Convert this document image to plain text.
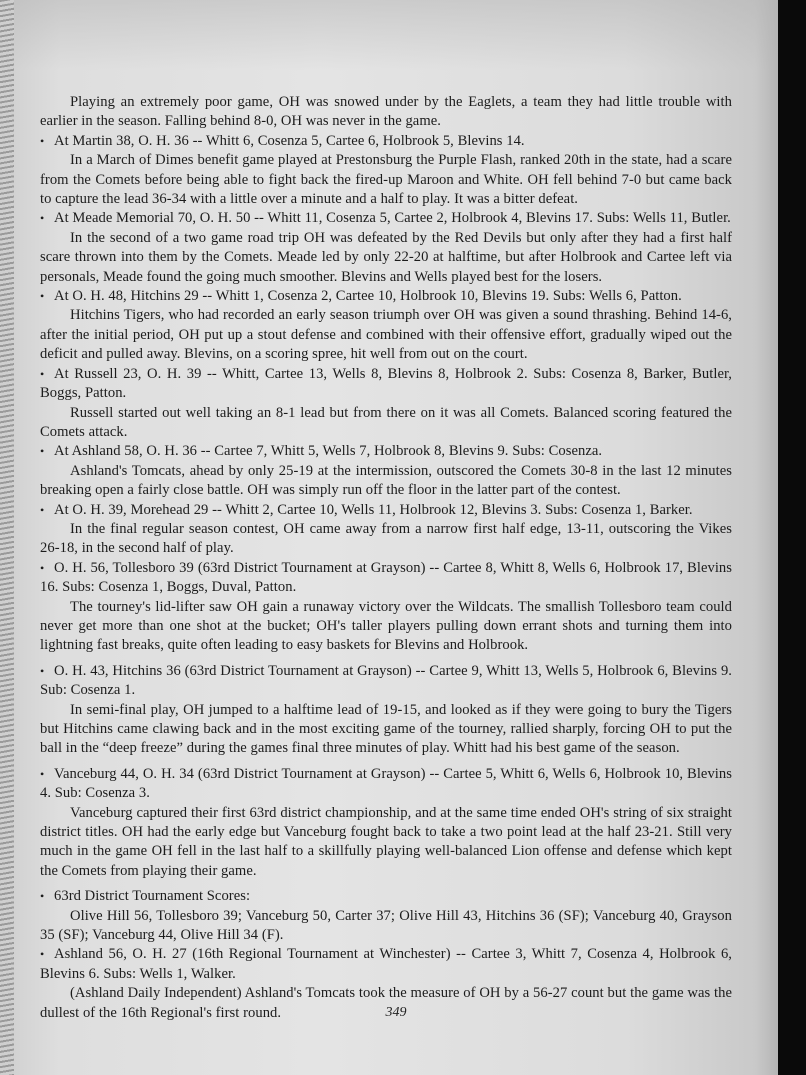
Playing an extremely poor game, OH was snowed under by the Eaglets, a team they had little trouble with earlier in the season. Falling behind 8-0, OH was never in the game.

• At Martin 38, O. H. 36 -- Whitt 6, Cosenza 5, Cartee 6, Holbrook 5, Blevins 14.

In a March of Dimes benefit game played at Prestonsburg the Purple Flash, ranked 20th in the state, had a scare from the Comets before being able to fight back the fired-up Maroon and White. OH fell behind 7-0 but came back to capture the lead 36-34 with a little over a minute and a half to play. It was a bitter defeat.

• At Meade Memorial 70, O. H. 50 -- Whitt 11, Cosenza 5, Cartee 2, Holbrook 4, Blevins 17. Subs: Wells 11, Butler.

In the second of a two game road trip OH was defeated by the Red Devils but only after they had a first half scare thrown into them by the Comets. Meade led by only 22-20 at halftime, but after Holbrook and Cartee left via personals, Meade found the going much smoother. Blevins and Wells played best for the losers.

• At O. H. 48, Hitchins 29 -- Whitt 1, Cosenza 2, Cartee 10, Holbrook 10, Blevins 19. Subs: Wells 6, Patton.

Hitchins Tigers, who had recorded an early season triumph over OH was given a sound thrashing. Behind 14-6, after the initial period, OH put up a stout defense and combined with their offensive effort, gradually wiped out the deficit and pulled away. Blevins, on a scoring spree, hit well from out on the court.

• At Russell 23, O. H. 39 -- Whitt, Cartee 13, Wells 8, Blevins 8, Holbrook 2. Subs: Cosenza 8, Barker, Butler, Boggs, Patton.

Russell started out well taking an 8-1 lead but from there on it was all Comets. Balanced scoring featured the Comets attack.

• At Ashland 58, O. H. 36 -- Cartee 7, Whitt 5, Wells 7, Holbrook 8, Blevins 9. Subs: Cosenza.

Ashland's Tomcats, ahead by only 25-19 at the intermission, outscored the Comets 30-8 in the last 12 minutes breaking open a fairly close battle. OH was simply run off the floor in the latter part of the contest.

• At O. H. 39, Morehead 29 -- Whitt 2, Cartee 10, Wells 11, Holbrook 12, Blevins 3. Subs: Cosenza 1, Barker.

In the final regular season contest, OH came away from a narrow first half edge, 13-11, outscoring the Vikes 26-18, in the second half of play.

• O. H. 56, Tollesboro 39 (63rd District Tournament at Grayson) -- Cartee 8, Whitt 8, Wells 6, Holbrook 17, Blevins 16. Subs: Cosenza 1, Boggs, Duval, Patton.

The tourney's lid-lifter saw OH gain a runaway victory over the Wildcats. The smallish Tollesboro team could never get more than one shot at the bucket; OH's taller players pulling down errant shots and turning them into lightning fast breaks, quite often leading to easy baskets for Blevins and Holbrook.

• O. H. 43, Hitchins 36 (63rd District Tournament at Grayson) -- Cartee 9, Whitt 13, Wells 5, Holbrook 6, Blevins 9. Sub: Cosenza 1.

In semi-final play, OH jumped to a halftime lead of 19-15, and looked as if they were going to bury the Tigers but Hitchins came clawing back and in the most exciting game of the tourney, rallied sharply, forcing OH to put the ball in the “deep freeze” during the games final three minutes of play. Whitt had his best game of the season.

• Vanceburg 44, O. H. 34 (63rd District Tournament at Grayson) -- Cartee 5, Whitt 6, Wells 6, Holbrook 10, Blevins 4. Sub: Cosenza 3.

Vanceburg captured their first 63rd district championship, and at the same time ended OH's string of six straight district titles. OH had the early edge but Vanceburg fought back to take a two point lead at the half 23-21. Still very much in the game OH fell in the last half to a skillfully playing well-balanced Lion offense and defense which kept the Comets from playing their game.

• 63rd District Tournament Scores:

Olive Hill 56, Tollesboro 39; Vanceburg 50, Carter 37; Olive Hill 43, Hitchins 36 (SF); Vanceburg 40, Grayson 35 (SF); Vanceburg 44, Olive Hill 34 (F).

• Ashland 56, O. H. 27 (16th Regional Tournament at Winchester) -- Cartee 3, Whitt 7, Cosenza 4, Holbrook 6, Blevins 6. Subs: Wells 1, Walker.

(Ashland Daily Independent) Ashland's Tomcats took the measure of OH by a 56-27 count but the game was the dullest of the 16th Regional's first round.	349
